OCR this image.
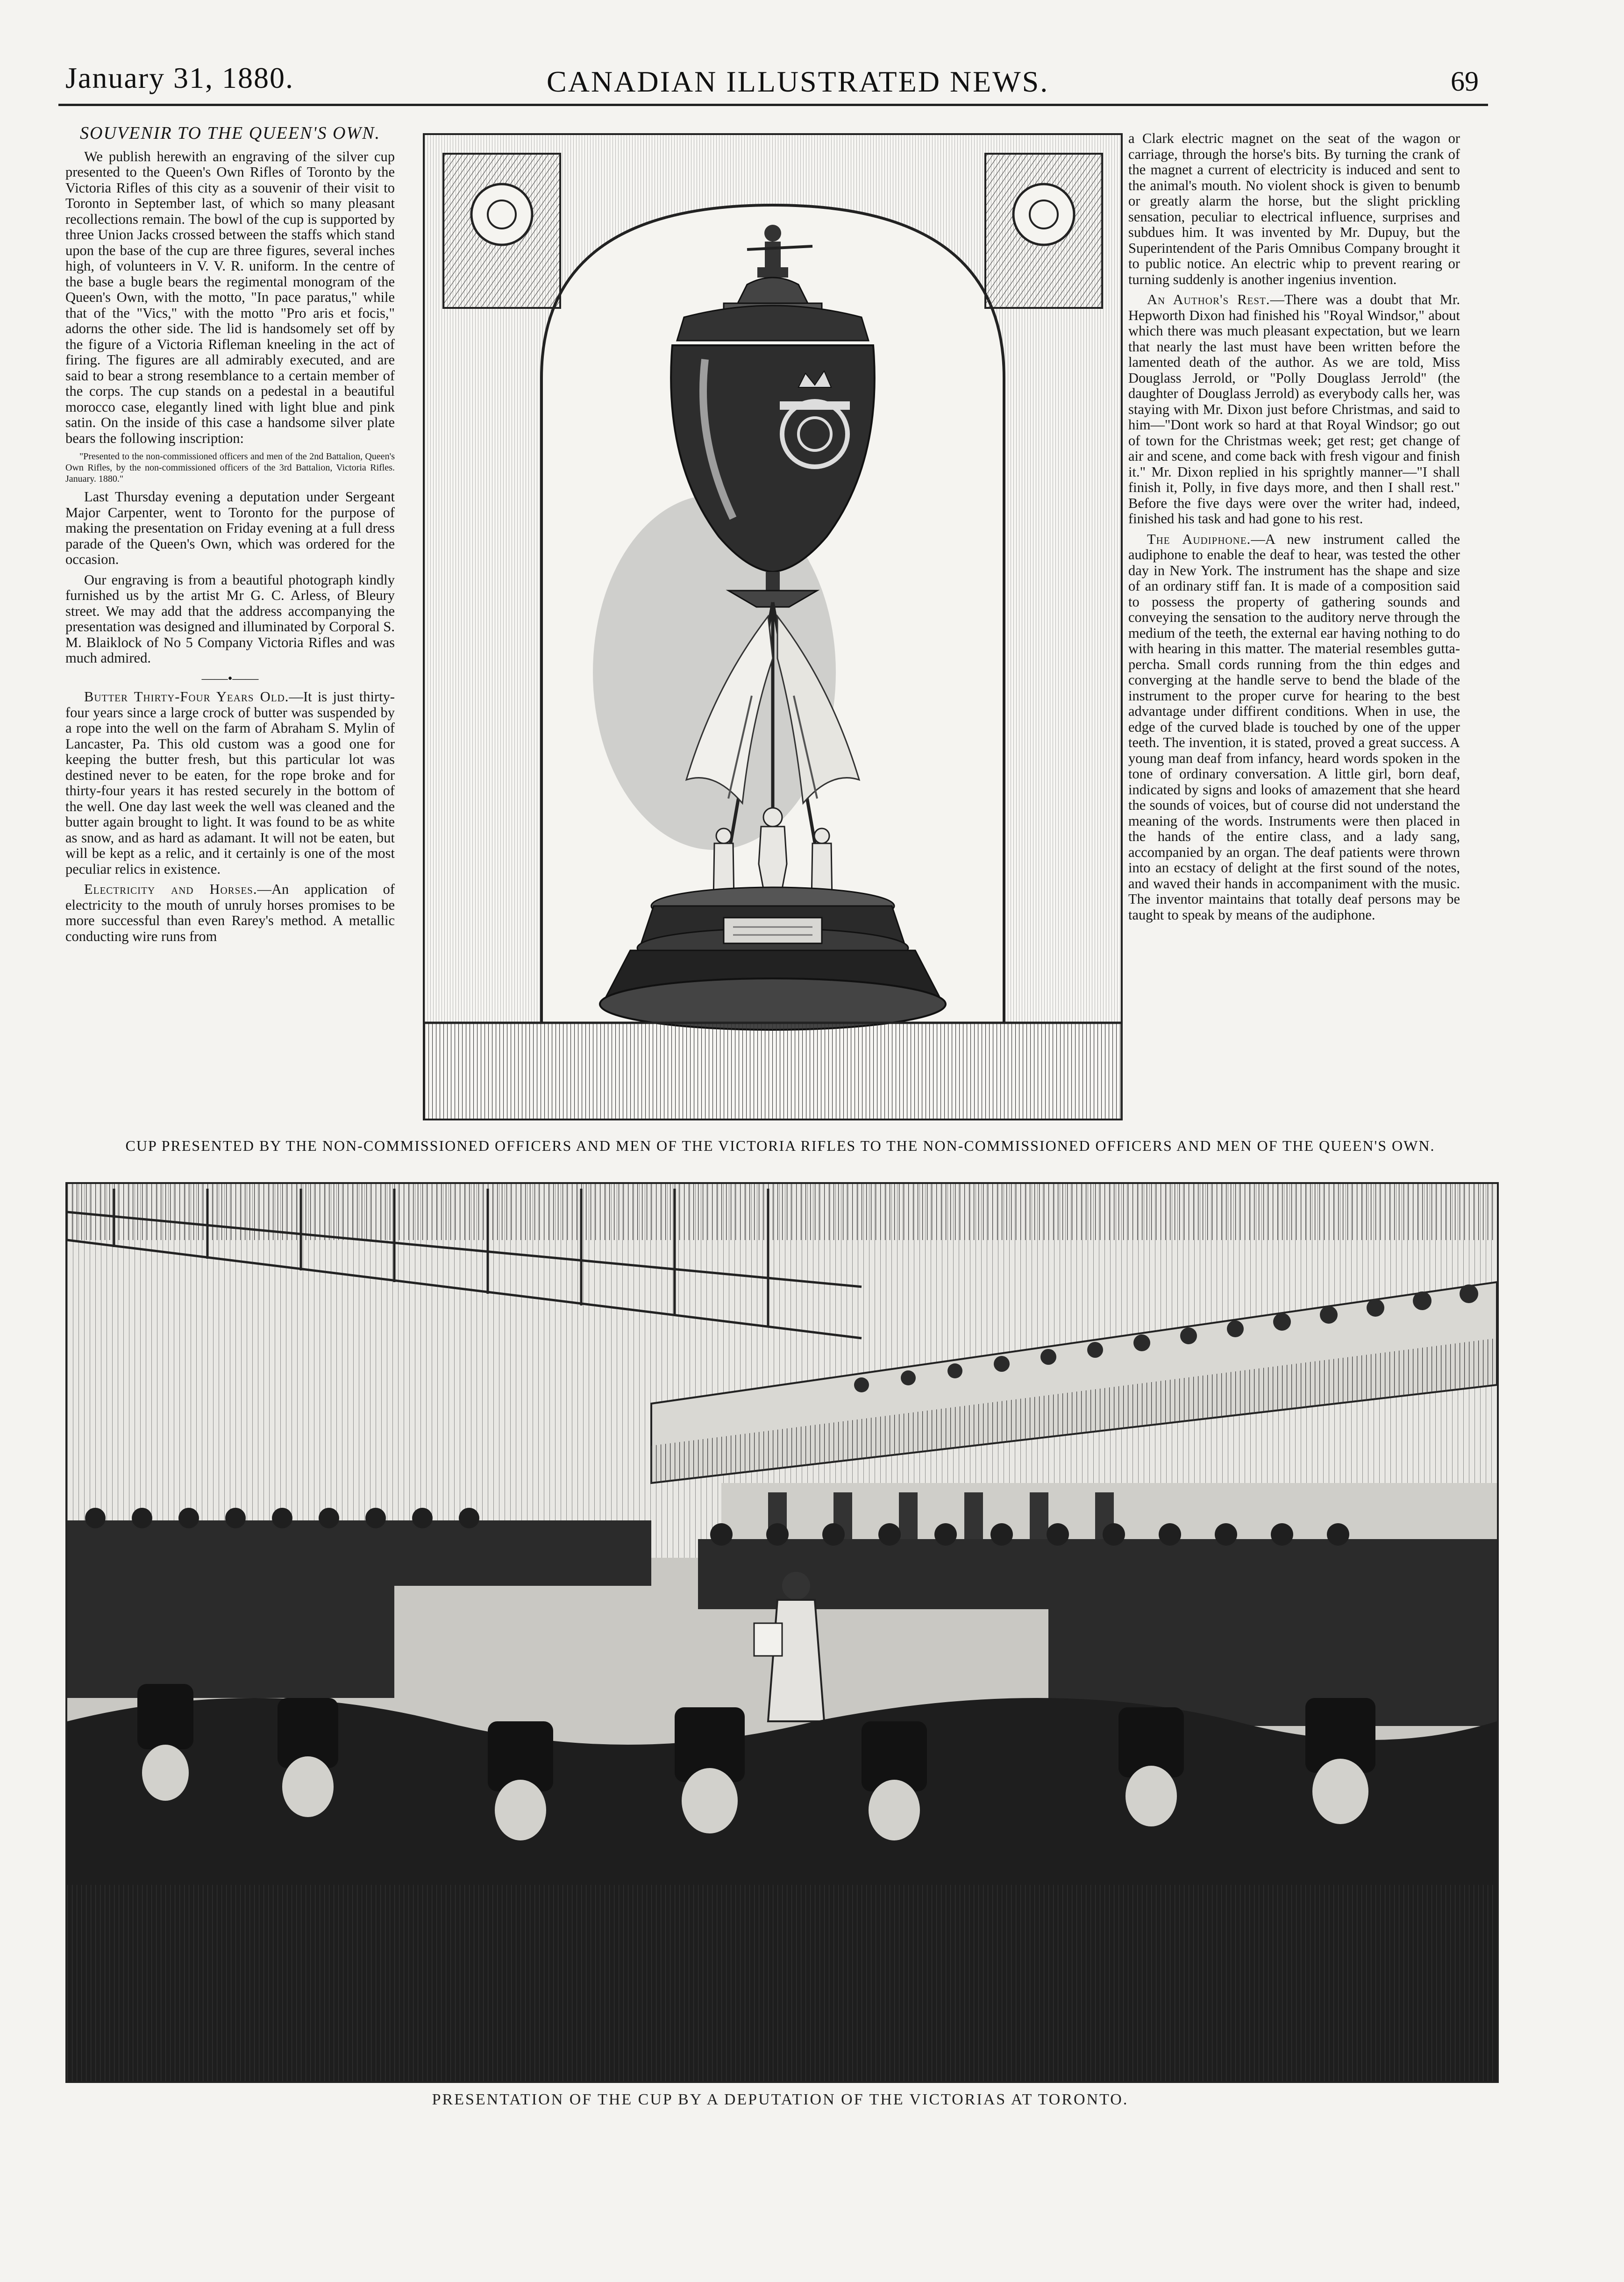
January 31, 1880.	CANADIAN ILLUSTRATED NEWS.	69

SOUVENIR TO THE QUEEN'S OWN.

We publish herewith an engraving of the silver cup presented to the Queen's Own Rifles of Toronto by the Victoria Rifles of this city as a souvenir of their visit to Toronto in September last, of which so many pleasant recollections remain. The bowl of the cup is supported by three Union Jacks crossed between the staffs which stand upon the base of the cup are three figures, several inches high, of volunteers in V. V. R. uniform. In the centre of the base a bugle bears the regimental monogram of the Queen's Own, with the motto, "In pace paratus," while that of the "Vics," with the motto "Pro aris et focis," adorns the other side. The lid is handsomely set off by the figure of a Victoria Rifleman kneeling in the act of firing. The figures are all admirably executed, and are said to bear a strong resemblance to a certain member of the corps. The cup stands on a pedestal in a beautiful morocco case, elegantly lined with light blue and pink satin. On the inside of this case a handsome silver plate bears the following inscription:

"Presented to the non-commissioned officers and men of the 2nd Battalion, Queen's Own Rifles, by the non-commissioned officers of the 3rd Battalion, Victoria Rifles. January. 1880."

Last Thursday evening a deputation under Sergeant Major Carpenter, went to Toronto for the purpose of making the presentation on Friday evening at a full dress parade of the Queen's Own, which was ordered for the occasion.

Our engraving is from a beautiful photograph kindly furnished us by the artist Mr G. C. Arless, of Bleury street. We may add that the address accompanying the presentation was designed and illuminated by Corporal S. M. Blaiklock of No 5 Company Victoria Rifles and was much admired.

——•——

Butter Thirty-Four Years Old.—It is just thirty-four years since a large crock of butter was suspended by a rope into the well on the farm of Abraham S. Mylin of Lancaster, Pa. This old custom was a good one for keeping the butter fresh, but this particular lot was destined never to be eaten, for the rope broke and for thirty-four years it has rested securely in the bottom of the well. One day last week the well was cleaned and the butter again brought to light. It was found to be as white as snow, and as hard as adamant. It will not be eaten, but will be kept as a relic, and it certainly is one of the most peculiar relics in existence.

Electricity and Horses.—An application of electricity to the mouth of unruly horses promises to be more successful than even Rarey's method. A metallic conducting wire runs from

a Clark electric magnet on the seat of the wagon or carriage, through the horse's bits. By turning the crank of the magnet a current of electricity is induced and sent to the animal's mouth. No violent shock is given to benumb or greatly alarm the horse, but the slight prickling sensation, peculiar to electrical influence, surprises and subdues him. It was invented by Mr. Dupuy, but the Superintendent of the Paris Omnibus Company brought it to public notice. An electric whip to prevent rearing or turning suddenly is another ingenius invention.

An Author's Rest.—There was a doubt that Mr. Hepworth Dixon had finished his "Royal Windsor," about which there was much pleasant expectation, but we learn that nearly the last must have been written before the lamented death of the author. As we are told, Miss Douglass Jerrold, or "Polly Douglass Jerrold" (the daughter of Douglass Jerrold) as everybody calls her, was staying with Mr. Dixon just before Christmas, and said to him—"Dont work so hard at that Royal Windsor; go out of town for the Christmas week; get rest; get change of air and scene, and come back with fresh vigour and finish it." Mr. Dixon replied in his sprightly manner—"I shall finish it, Polly, in five days more, and then I shall rest." Before the five days were over the writer had, indeed, finished his task and had gone to his rest.

The Audiphone.—A new instrument called the audiphone to enable the deaf to hear, was tested the other day in New York. The instrument has the shape and size of an ordinary stiff fan. It is made of a composition said to possess the property of gathering sounds and conveying the sensation to the auditory nerve through the medium of the teeth, the external ear having nothing to do with hearing in this matter. The material resembles gutta-percha. Small cords running from the thin edges and converging at the handle serve to bend the blade of the instrument to the proper curve for hearing to the best advantage under diffirent conditions. When in use, the edge of the curved blade is touched by one of the upper teeth. The invention, it is stated, proved a great success. A young man deaf from infancy, heard words spoken in the tone of ordinary conversation. A little girl, born deaf, indicated by signs and looks of amazement that she heard the sounds of voices, but of course did not understand the meaning of the words. Instruments were then placed in the hands of the entire class, and a lady sang, accompanied by an organ. The deaf patients were thrown into an ecstacy of delight at the first sound of the notes, and waved their hands in accompaniment with the music. The inventor maintains that totally deaf persons may be taught to speak by means of the audiphone.

CUP PRESENTED BY THE NON-COMMISSIONED OFFICERS AND MEN OF THE VICTORIA RIFLES TO THE NON-COMMISSIONED OFFICERS AND MEN OF THE QUEEN'S OWN.
PRESENTATION OF THE CUP BY A DEPUTATION OF THE VICTORIAS AT TORONTO.
